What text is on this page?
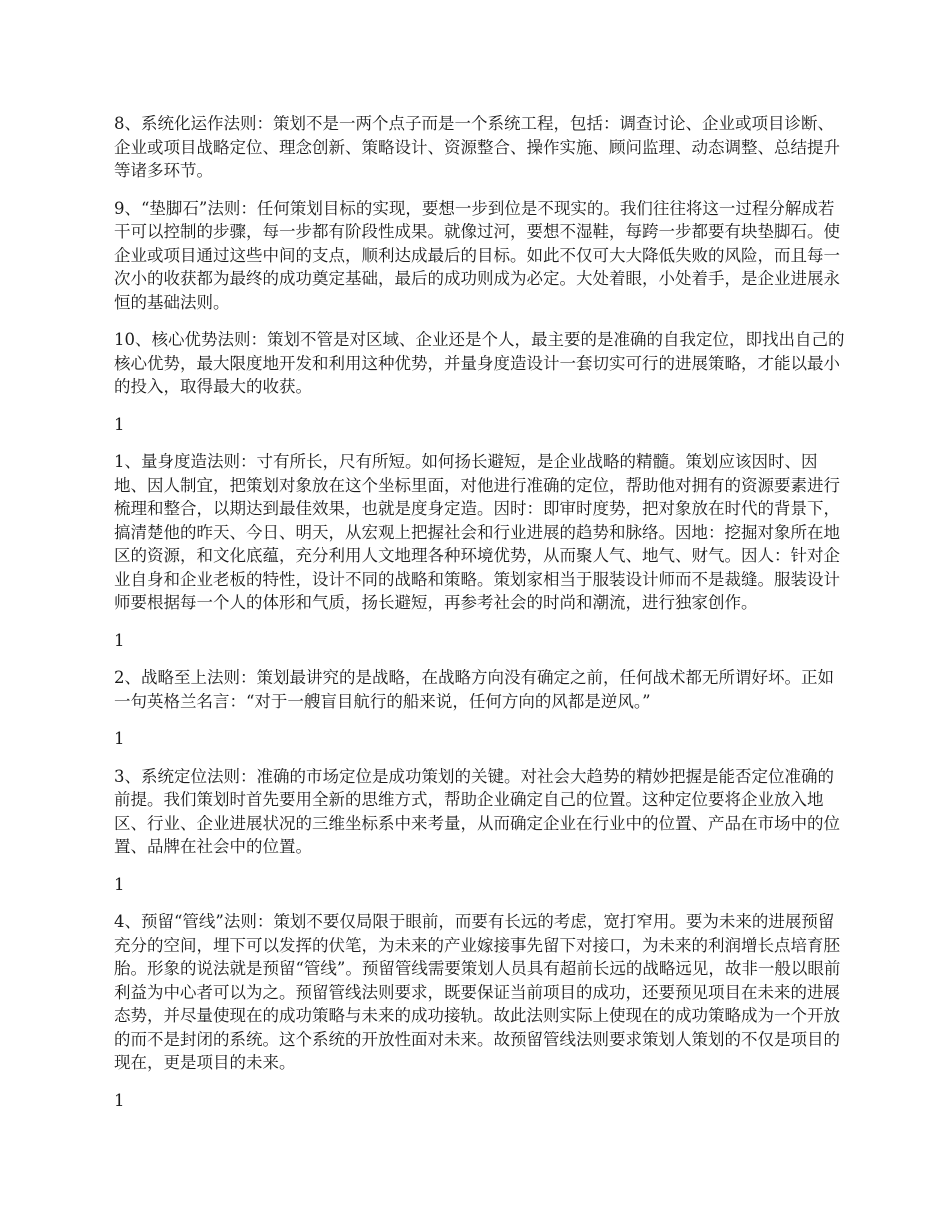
8、系统化运作法则：策划不是一两个点子而是一个系统工程，包括：调查讨论、企业或项目诊断、企业或项目战略定位、理念创新、策略设计、资源整合、操作实施、顾问监理、动态调整、总结提升等诸多环节。

9、“垫脚石”法则：任何策划目标的实现，要想一步到位是不现实的。我们往往将这一过程分解成若干可以控制的步骤，每一步都有阶段性成果。就像过河，要想不湿鞋，每跨一步都要有块垫脚石。使企业或项目通过这些中间的支点，顺利达成最后的目标。如此不仅可大大降低失败的风险，而且每一次小的收获都为最终的成功奠定基础，最后的成功则成为必定。大处着眼，小处着手，是企业进展永恒的基础法则。

10、核心优势法则：策划不管是对区域、企业还是个人，最主要的是准确的自我定位，即找出自己的核心优势，最大限度地开发和利用这种优势，并量身度造设计一套切实可行的进展策略，才能以最小的投入，取得最大的收获。

1

1、量身度造法则：寸有所长，尺有所短。如何扬长避短，是企业战略的精髓。策划应该因时、因地、因人制宜，把策划对象放在这个坐标里面，对他进行准确的定位，帮助他对拥有的资源要素进行梳理和整合，以期达到最佳效果，也就是度身定造。因时：即审时度势，把对象放在时代的背景下，搞清楚他的昨天、今日、明天，从宏观上把握社会和行业进展的趋势和脉络。因地：挖掘对象所在地区的资源，和文化底蕴，充分利用人文地理各种环境优势，从而聚人气、地气、财气。因人：针对企业自身和企业老板的特性，设计不同的战略和策略。策划家相当于服装设计师而不是裁缝。服装设计师要根据每一个人的体形和气质，扬长避短，再参考社会的时尚和潮流，进行独家创作。

1

2、战略至上法则：策划最讲究的是战略，在战略方向没有确定之前，任何战术都无所谓好坏。正如一句英格兰名言：“对于一艘盲目航行的船来说，任何方向的风都是逆风。”

1

3、系统定位法则：准确的市场定位是成功策划的关键。对社会大趋势的精妙把握是能否定位准确的前提。我们策划时首先要用全新的思维方式，帮助企业确定自己的位置。这种定位要将企业放入地区、行业、企业进展状况的三维坐标系中来考量，从而确定企业在行业中的位置、产品在市场中的位置、品牌在社会中的位置。

1

4、预留“管线”法则：策划不要仅局限于眼前，而要有长远的考虑，宽打窄用。要为未来的进展预留充分的空间，埋下可以发挥的伏笔，为未来的产业嫁接事先留下对接口，为未来的利润增长点培育胚胎。形象的说法就是预留“管线”。预留管线需要策划人员具有超前长远的战略远见，故非一般以眼前利益为中心者可以为之。预留管线法则要求，既要保证当前项目的成功，还要预见项目在未来的进展态势，并尽量使现在的成功策略与未来的成功接轨。故此法则实际上使现在的成功策略成为一个开放的而不是封闭的系统。这个系统的开放性面对未来。故预留管线法则要求策划人策划的不仅是项目的现在，更是项目的未来。

1
